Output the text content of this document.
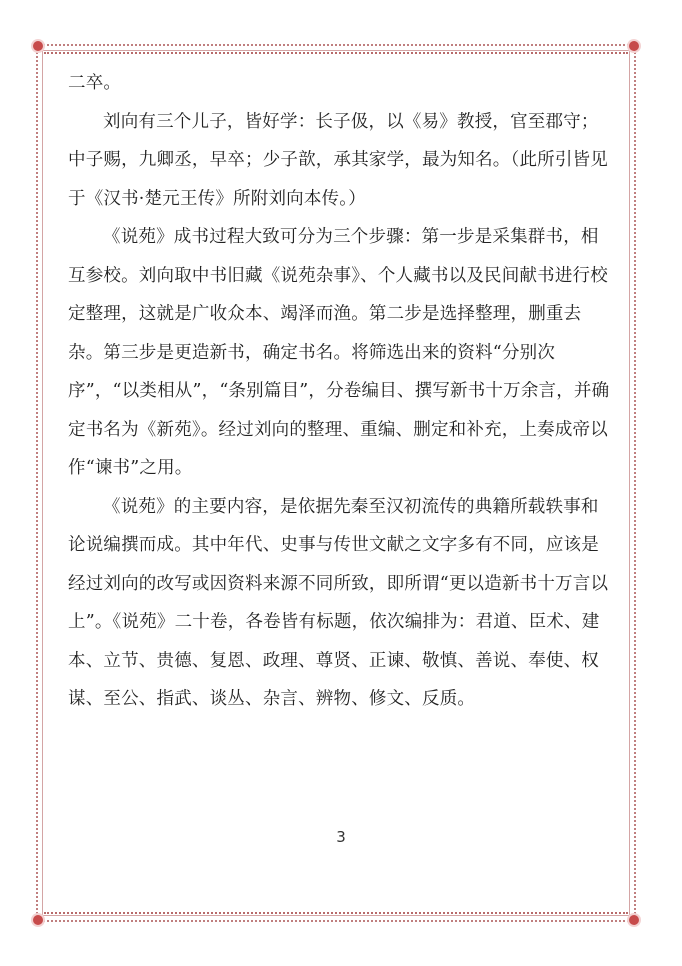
二卒。

刘向有三个儿子，皆好学：长子伋，以《易》教授，官至郡守；中子赐，九卿丞，早卒；少子歆，承其家学，最为知名。（此所引皆见于《汉书·楚元王传》所附刘向本传。）

《说苑》成书过程大致可分为三个步骤：第一步是采集群书，相互参校。刘向取中书旧藏《说苑杂事》、个人藏书以及民间献书进行校定整理，这就是广收众本、竭泽而渔。第二步是选择整理，删重去杂。第三步是更造新书，确定书名。将筛选出来的资料“分别次序”，“以类相从”，“条别篇目”，分卷编目、撰写新书十万余言，并确定书名为《新苑》。经过刘向的整理、重编、删定和补充，上奏成帝以作“谏书”之用。

《说苑》的主要内容，是依据先秦至汉初流传的典籍所载轶事和论说编撰而成。其中年代、史事与传世文献之文字多有不同，应该是经过刘向的改写或因资料来源不同所致，即所谓“更以造新书十万言以上”。《说苑》二十卷，各卷皆有标题，依次编排为：君道、臣术、建本、立节、贵德、复恩、政理、尊贤、正谏、敬慎、善说、奉使、权谋、至公、指武、谈丛、杂言、辨物、修文、反质。

3
